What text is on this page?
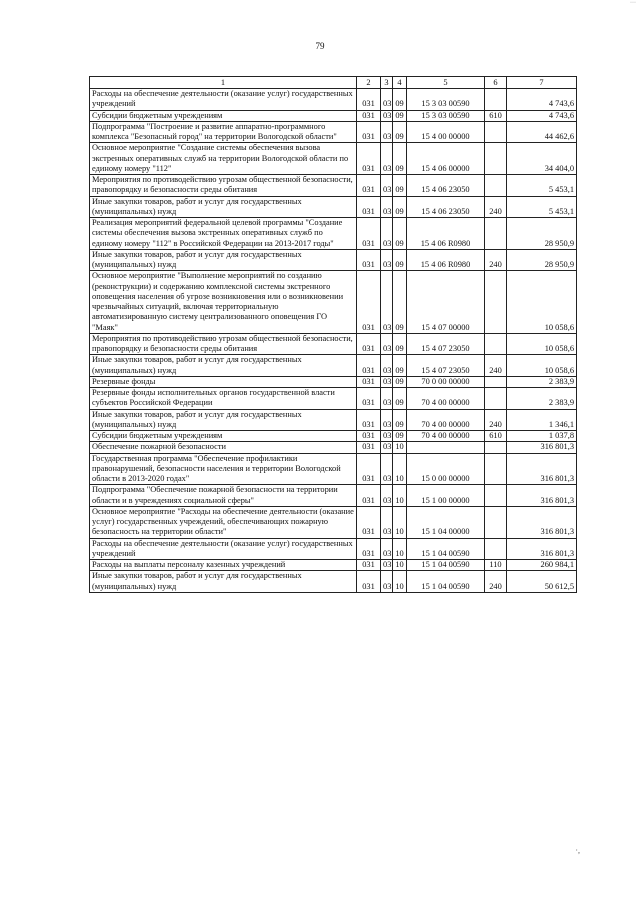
···
79
1	2	3	4	5	6	7
Расходы на обеспечение деятельности (оказание услуг) государственных учреждений	031	03	09	15 3 03 00590		4 743,6
Субсидии бюджетным учреждениям	031	03	09	15 3 03 00590	610	4 743,6
Подпрограмма "Построение и развитие аппаратно-программного комплекса "Безопасный город" на территории Вологодской области"	031	03	09	15 4 00 00000		44 462,6
Основное мероприятие "Создание системы обеспечения вызова экстренных оперативных служб на территории Вологодской области по единому номеру "112"	031	03	09	15 4 06 00000		34 404,0
Мероприятия по противодействию угрозам общественной безопасности, правопорядку и безопасности среды обитания	031	03	09	15 4 06 23050		5 453,1
Иные закупки товаров, работ и услуг для государственных (муниципальных) нужд	031	03	09	15 4 06 23050	240	5 453,1
Реализация мероприятий федеральной целевой программы "Создание системы обеспечения вызова экстренных оперативных служб по единому номеру "112" в Российской Федерации на 2013-2017 годы"	031	03	09	15 4 06 R0980		28 950,9
Иные закупки товаров, работ и услуг для государственных (муниципальных) нужд	031	03	09	15 4 06 R0980	240	28 950,9
Основное мероприятие "Выполнение мероприятий по созданию (реконструкции) и содержанию комплексной системы экстренного оповещения населения об угрозе возникновения или о возникновении чрезвычайных ситуаций, включая территориальную автоматизированную систему централизованного оповещения ГО "Маяк"	031	03	09	15 4 07 00000		10 058,6
Мероприятия по противодействию угрозам общественной безопасности, правопорядку и безопасности среды обитания	031	03	09	15 4 07 23050		10 058,6
Иные закупки товаров, работ и услуг для государственных (муниципальных) нужд	031	03	09	15 4 07 23050	240	10 058,6
Резервные фонды	031	03	09	70 0 00 00000		2 383,9
Резервные фонды исполнительных органов государственной власти субъектов Российской Федерации	031	03	09	70 4 00 00000		2 383,9
Иные закупки товаров, работ и услуг для государственных (муниципальных) нужд	031	03	09	70 4 00 00000	240	1 346,1
Субсидии бюджетным учреждениям	031	03	09	70 4 00 00000	610	1 037,8
Обеспечение пожарной безопасности	031	03	10			316 801,3
Государственная программа "Обеспечение профилактики правонарушений, безопасности населения и территории Вологодской области в 2013-2020 годах"	031	03	10	15 0 00 00000		316 801,3
Подпрограмма "Обеспечение пожарной безопасности на территории области и в учреждениях социальной сферы"	031	03	10	15 1 00 00000		316 801,3
Основное мероприятие "Расходы на обеспечение деятельности (оказание услуг) государственных учреждений, обеспечивающих пожарную безопасность на территории области"	031	03	10	15 1 04 00000		316 801,3
Расходы на обеспечение деятельности (оказание услуг) государственных учреждений	031	03	10	15 1 04 00590		316 801,3
Расходы на выплаты персоналу казенных учреждений	031	03	10	15 1 04 00590	110	260 984,1
Иные закупки товаров, работ и услуг для государственных (муниципальных) нужд	031	03	10	15 1 04 00590	240	50 612,5
·,
